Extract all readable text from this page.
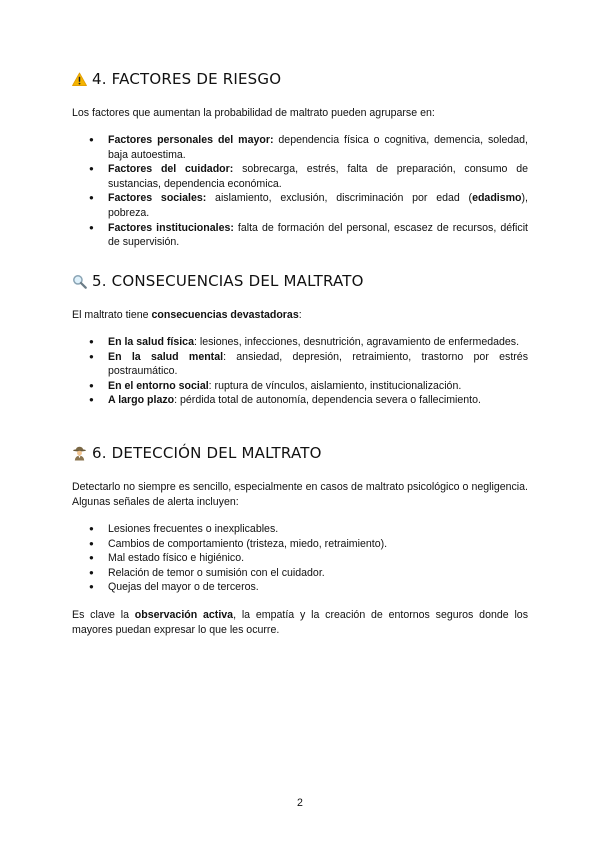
4. FACTORES DE RIESGO

Los factores que aumentan la probabilidad de maltrato pueden agruparse en:

● Factores personales del mayor: dependencia física o cognitiva, demencia, soledad, baja autoestima.
● Factores del cuidador: sobrecarga, estrés, falta de preparación, consumo de sustancias, dependencia económica.
● Factores sociales: aislamiento, exclusión, discriminación por edad (edadismo), pobreza.
● Factores institucionales: falta de formación del personal, escasez de recursos, déficit de supervisión.
5. CONSECUENCIAS DEL MALTRATO

El maltrato tiene consecuencias devastadoras:

● En la salud física: lesiones, infecciones, desnutrición, agravamiento de enfermedades.
● En la salud mental: ansiedad, depresión, retraimiento, trastorno por estrés postraumático.
● En el entorno social: ruptura de vínculos, aislamiento, institucionalización.
● A largo plazo: pérdida total de autonomía, dependencia severa o fallecimiento.
6. DETECCIÓN DEL MALTRATO

Detectarlo no siempre es sencillo, especialmente en casos de maltrato psicológico o negligencia. Algunas señales de alerta incluyen:

● Lesiones frecuentes o inexplicables.
● Cambios de comportamiento (tristeza, miedo, retraimiento).
● Mal estado físico e higiénico.
● Relación de temor o sumisión con el cuidador.
● Quejas del mayor o de terceros.

Es clave la observación activa, la empatía y la creación de entornos seguros donde los mayores puedan expresar lo que les ocurre.

2
